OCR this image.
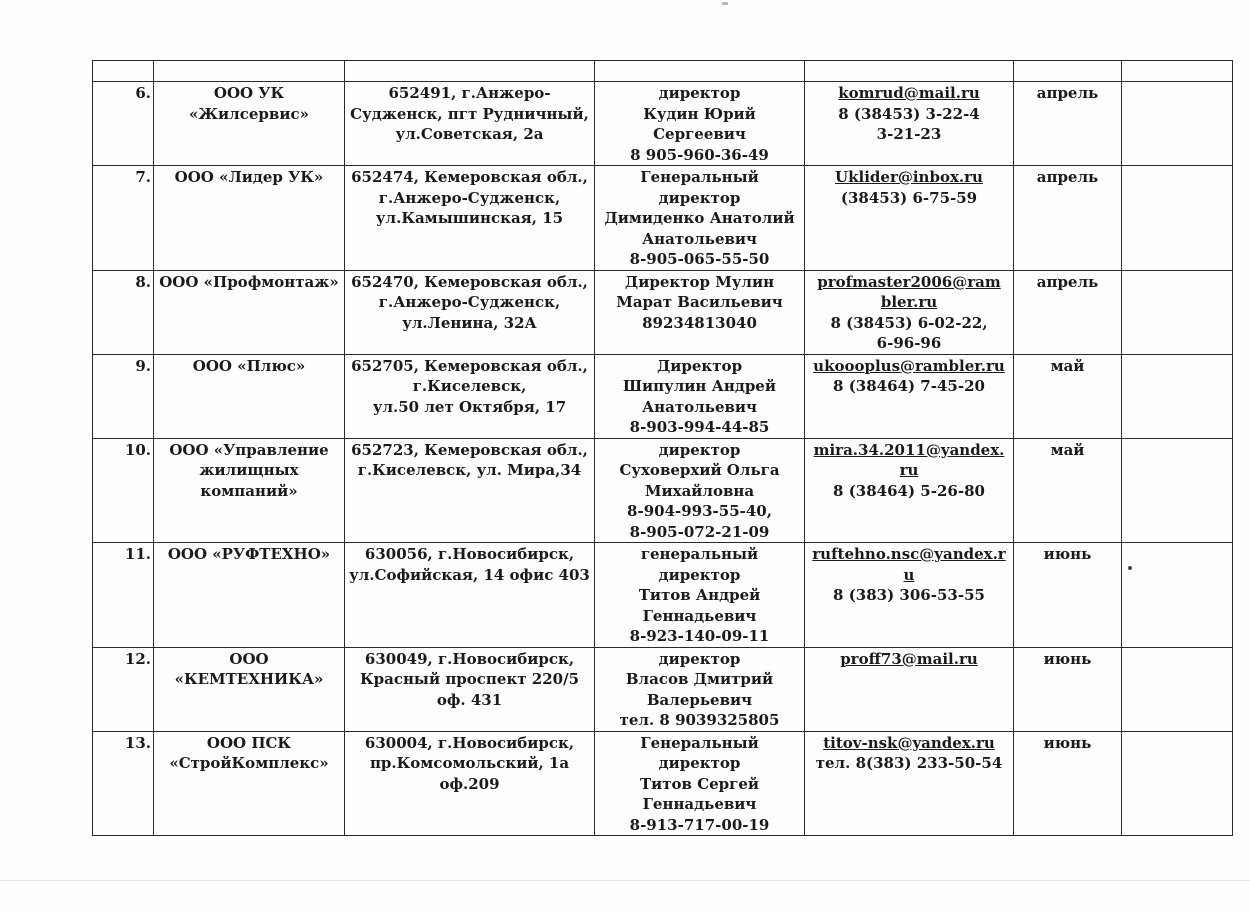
6.	ООО УК
«Жилсервис»	652491, г.Анжеро-
Судженск, пгт Рудничный,
ул.Советская, 2а	директор
Кудин Юрий
Сергеевич
8 905-960-36-49	komrud@mail.ru
8 (38453) 3-22-4
3-21-23	апрель	
7.	ООО «Лидер УК»	652474, Кемеровская обл.,
г.Анжеро-Судженск,
ул.Камышинская, 15	Генеральный
директор
Димиденко Анатолий
Анатольевич
8-905-065-55-50	Uklider@inbox.ru
(38453) 6-75-59	апрель	
8.	ООО «Профмонтаж»	652470, Кемеровская обл.,
г.Анжеро-Судженск,
ул.Ленина, 32А	Директор Мулин
Марат Васильевич
89234813040	profmaster2006@ram
bler.ru
8 (38453) 6-02-22,
6-96-96	апрель	
9.	ООО «Плюс»	652705, Кемеровская обл.,
г.Киселевск,
ул.50 лет Октября, 17	Директор
Шипулин Андрей
Анатольевич
8-903-994-44-85	ukoooplus@rambler.ru
8 (38464) 7-45-20	май	
10.	ООО «Управление
жилищных
компаний»	652723, Кемеровская обл.,
г.Киселевск, ул. Мира,34	директор
Суховерхий Ольга
Михайловна
8-904-993-55-40,
8-905-072-21-09	mira.34.2011@yandex.
ru
8 (38464) 5-26-80	май	
11.	ООО «РУФТЕХНО»	630056, г.Новосибирск,
ул.Софийская, 14 офис 403	генеральный
директор
Титов Андрей
Геннадьевич
8-923-140-09-11	ruftehno.nsc@yandex.r
u
8 (383) 306-53-55	июнь	
12.	ООО
«КЕМТЕХНИКА»	630049, г.Новосибирск,
Красный проспект 220/5
оф. 431	директор
Власов Дмитрий
Валерьевич
тел. 8 9039325805	proff73@mail.ru	июнь	
13.	ООО ПСК
«СтройКомплекс»	630004, г.Новосибирск,
пр.Комсомольский, 1а
оф.209	Генеральный
директор
Титов Сергей
Геннадьевич
8-913-717-00-19	titov-nsk@yandex.ru
тел. 8(383) 233-50-54	июнь	
